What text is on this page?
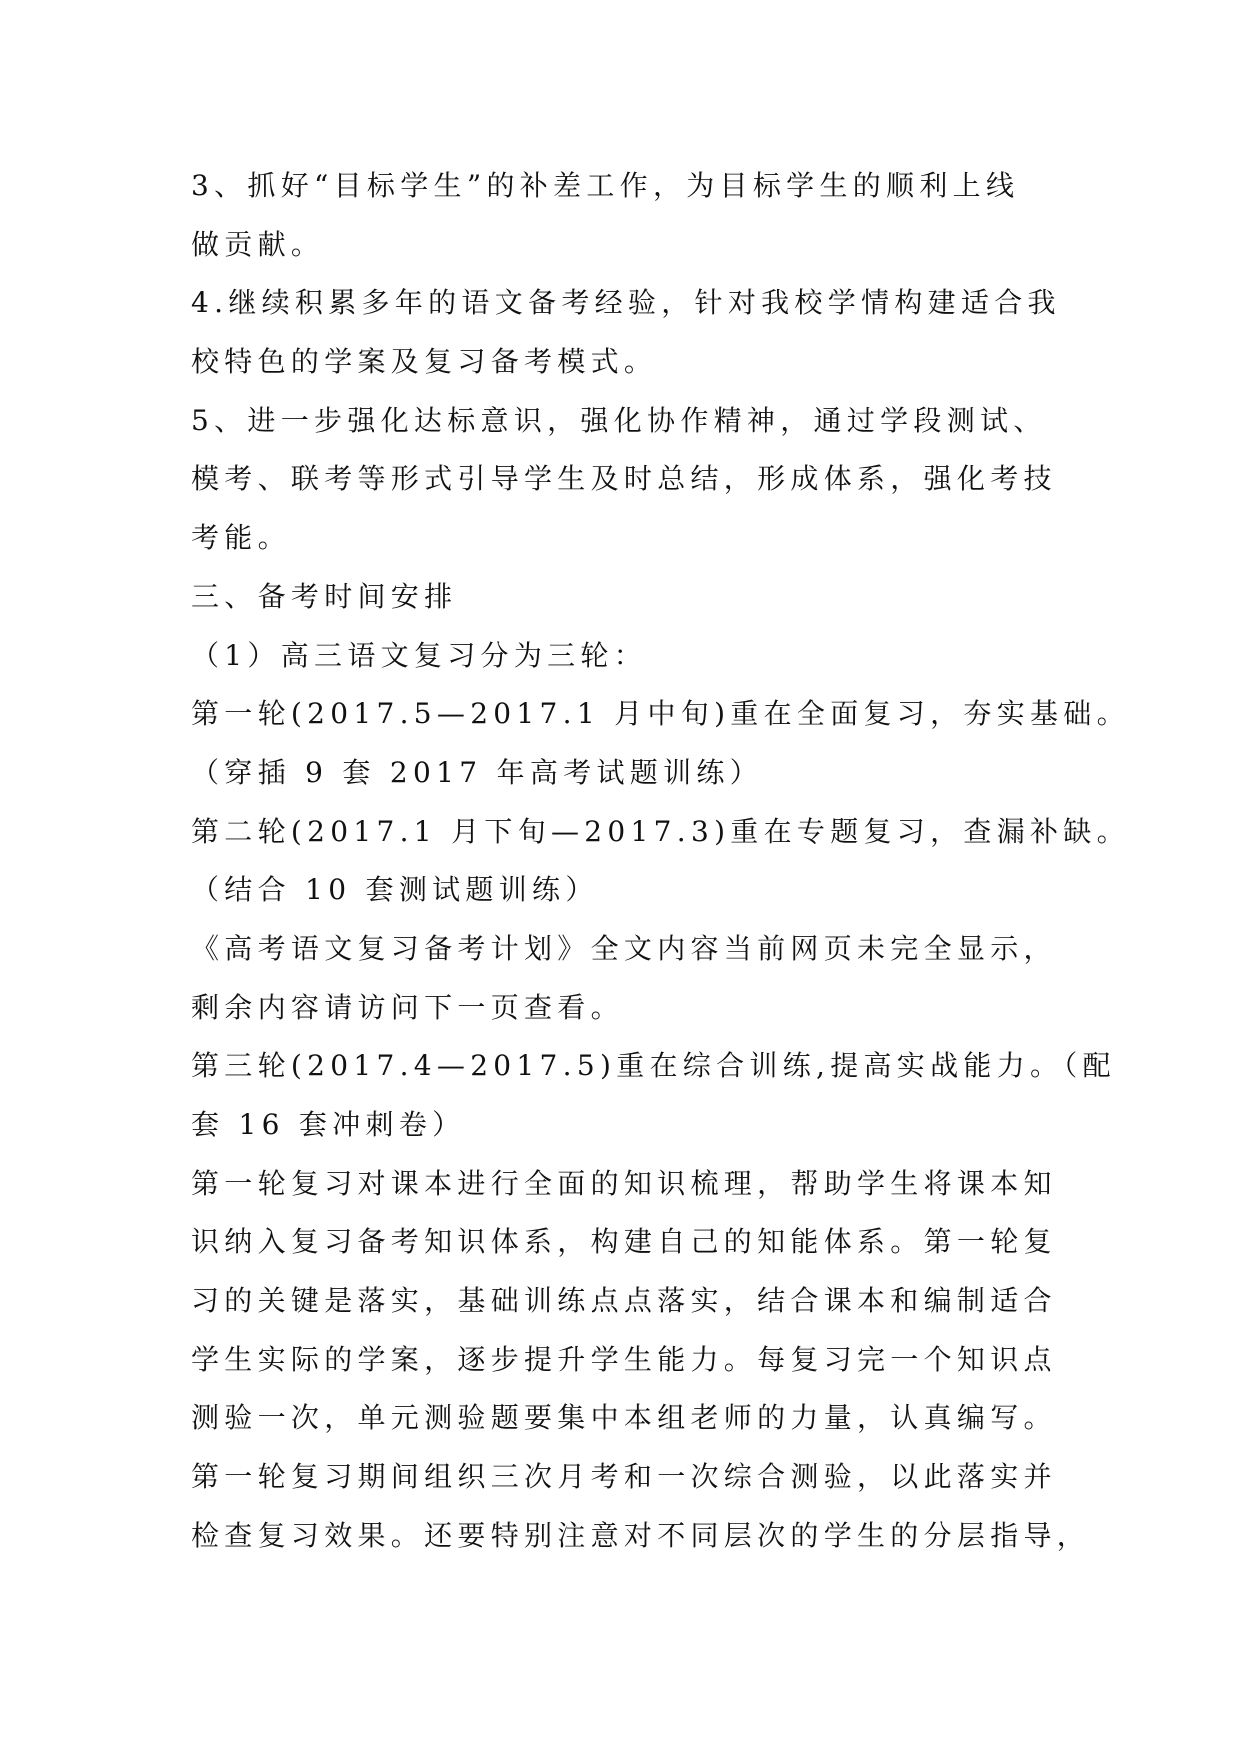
3、抓好“目标学生”的补差工作，为目标学生的顺利上线
做贡献。
4.继续积累多年的语文备考经验，针对我校学情构建适合我
校特色的学案及复习备考模式。
5、进一步强化达标意识，强化协作精神，通过学段测试、
模考、联考等形式引导学生及时总结，形成体系，强化考技
考能。
三、备考时间安排
（1）高三语文复习分为三轮：
第一轮(2017.5—2017.1 月中旬)重在全面复习，夯实基础。
（穿插 9 套 2017 年高考试题训练）
第二轮(2017.1 月下旬—2017.3)重在专题复习，查漏补缺。
（结合 10 套测试题训练）
《高考语文复习备考计划》全文内容当前网页未完全显示，
剩余内容请访问下一页查看。
第三轮(2017.4—2017.5)重在综合训练,提高实战能力。（配
套 16 套冲刺卷）
第一轮复习对课本进行全面的知识梳理，帮助学生将课本知
识纳入复习备考知识体系，构建自己的知能体系。第一轮复
习的关键是落实，基础训练点点落实，结合课本和编制适合
学生实际的学案，逐步提升学生能力。每复习完一个知识点
测验一次，单元测验题要集中本组老师的力量，认真编写。
第一轮复习期间组织三次月考和一次综合测验，以此落实并
检查复习效果。还要特别注意对不同层次的学生的分层指导，
